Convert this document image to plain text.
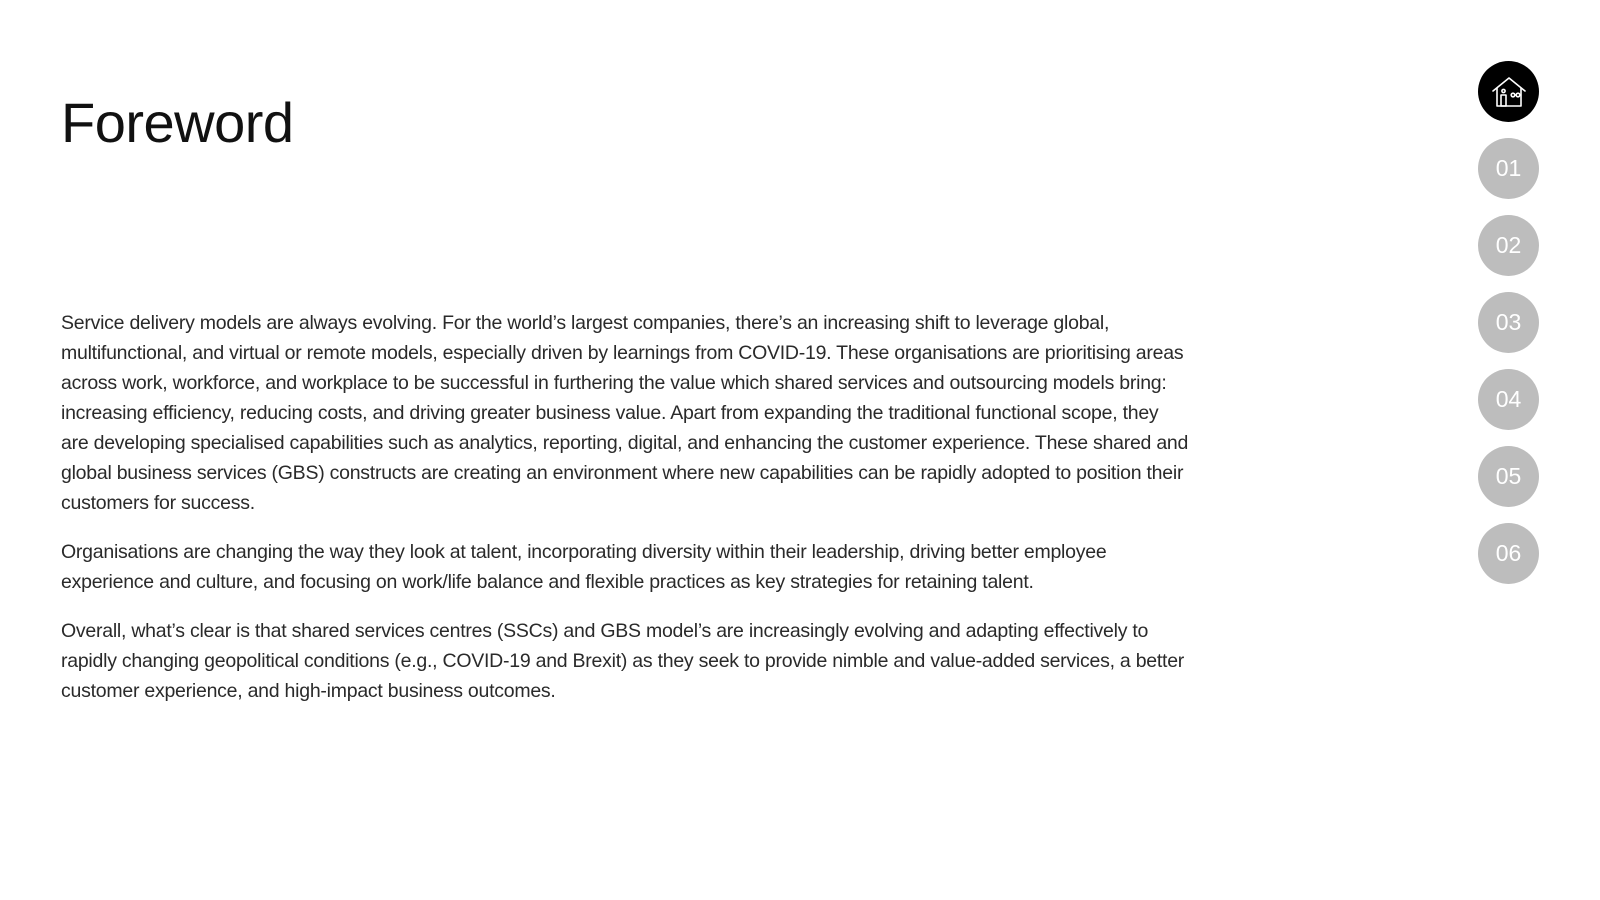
Foreword

Service delivery models are always evolving. For the world’s largest companies, there’s an increasing shift to leverage global, multifunctional, and virtual or remote models, especially driven by learnings from COVID-19. These organisations are prioritising areas across work, workforce, and workplace to be successful in furthering the value which shared services and outsourcing models bring: increasing efficiency, reducing costs, and driving greater business value. Apart from expanding the traditional functional scope, they are developing specialised capabilities such as analytics, reporting, digital, and enhancing the customer experience. These shared and global business services (GBS) constructs are creating an environment where new capabilities can be rapidly adopted to position their customers for success.

Organisations are changing the way they look at talent, incorporating diversity within their leadership, driving better employee experience and culture, and focusing on work/life balance and flexible practices as key strategies for retaining talent.

Overall, what’s clear is that shared services centres (SSCs) and GBS model’s are increasingly evolving and adapting effectively to rapidly changing geopolitical conditions (e.g., COVID-19 and Brexit) as they seek to provide nimble and value-added services, a better customer experience, and high-impact business outcomes.

01
02
03
04
05
06
